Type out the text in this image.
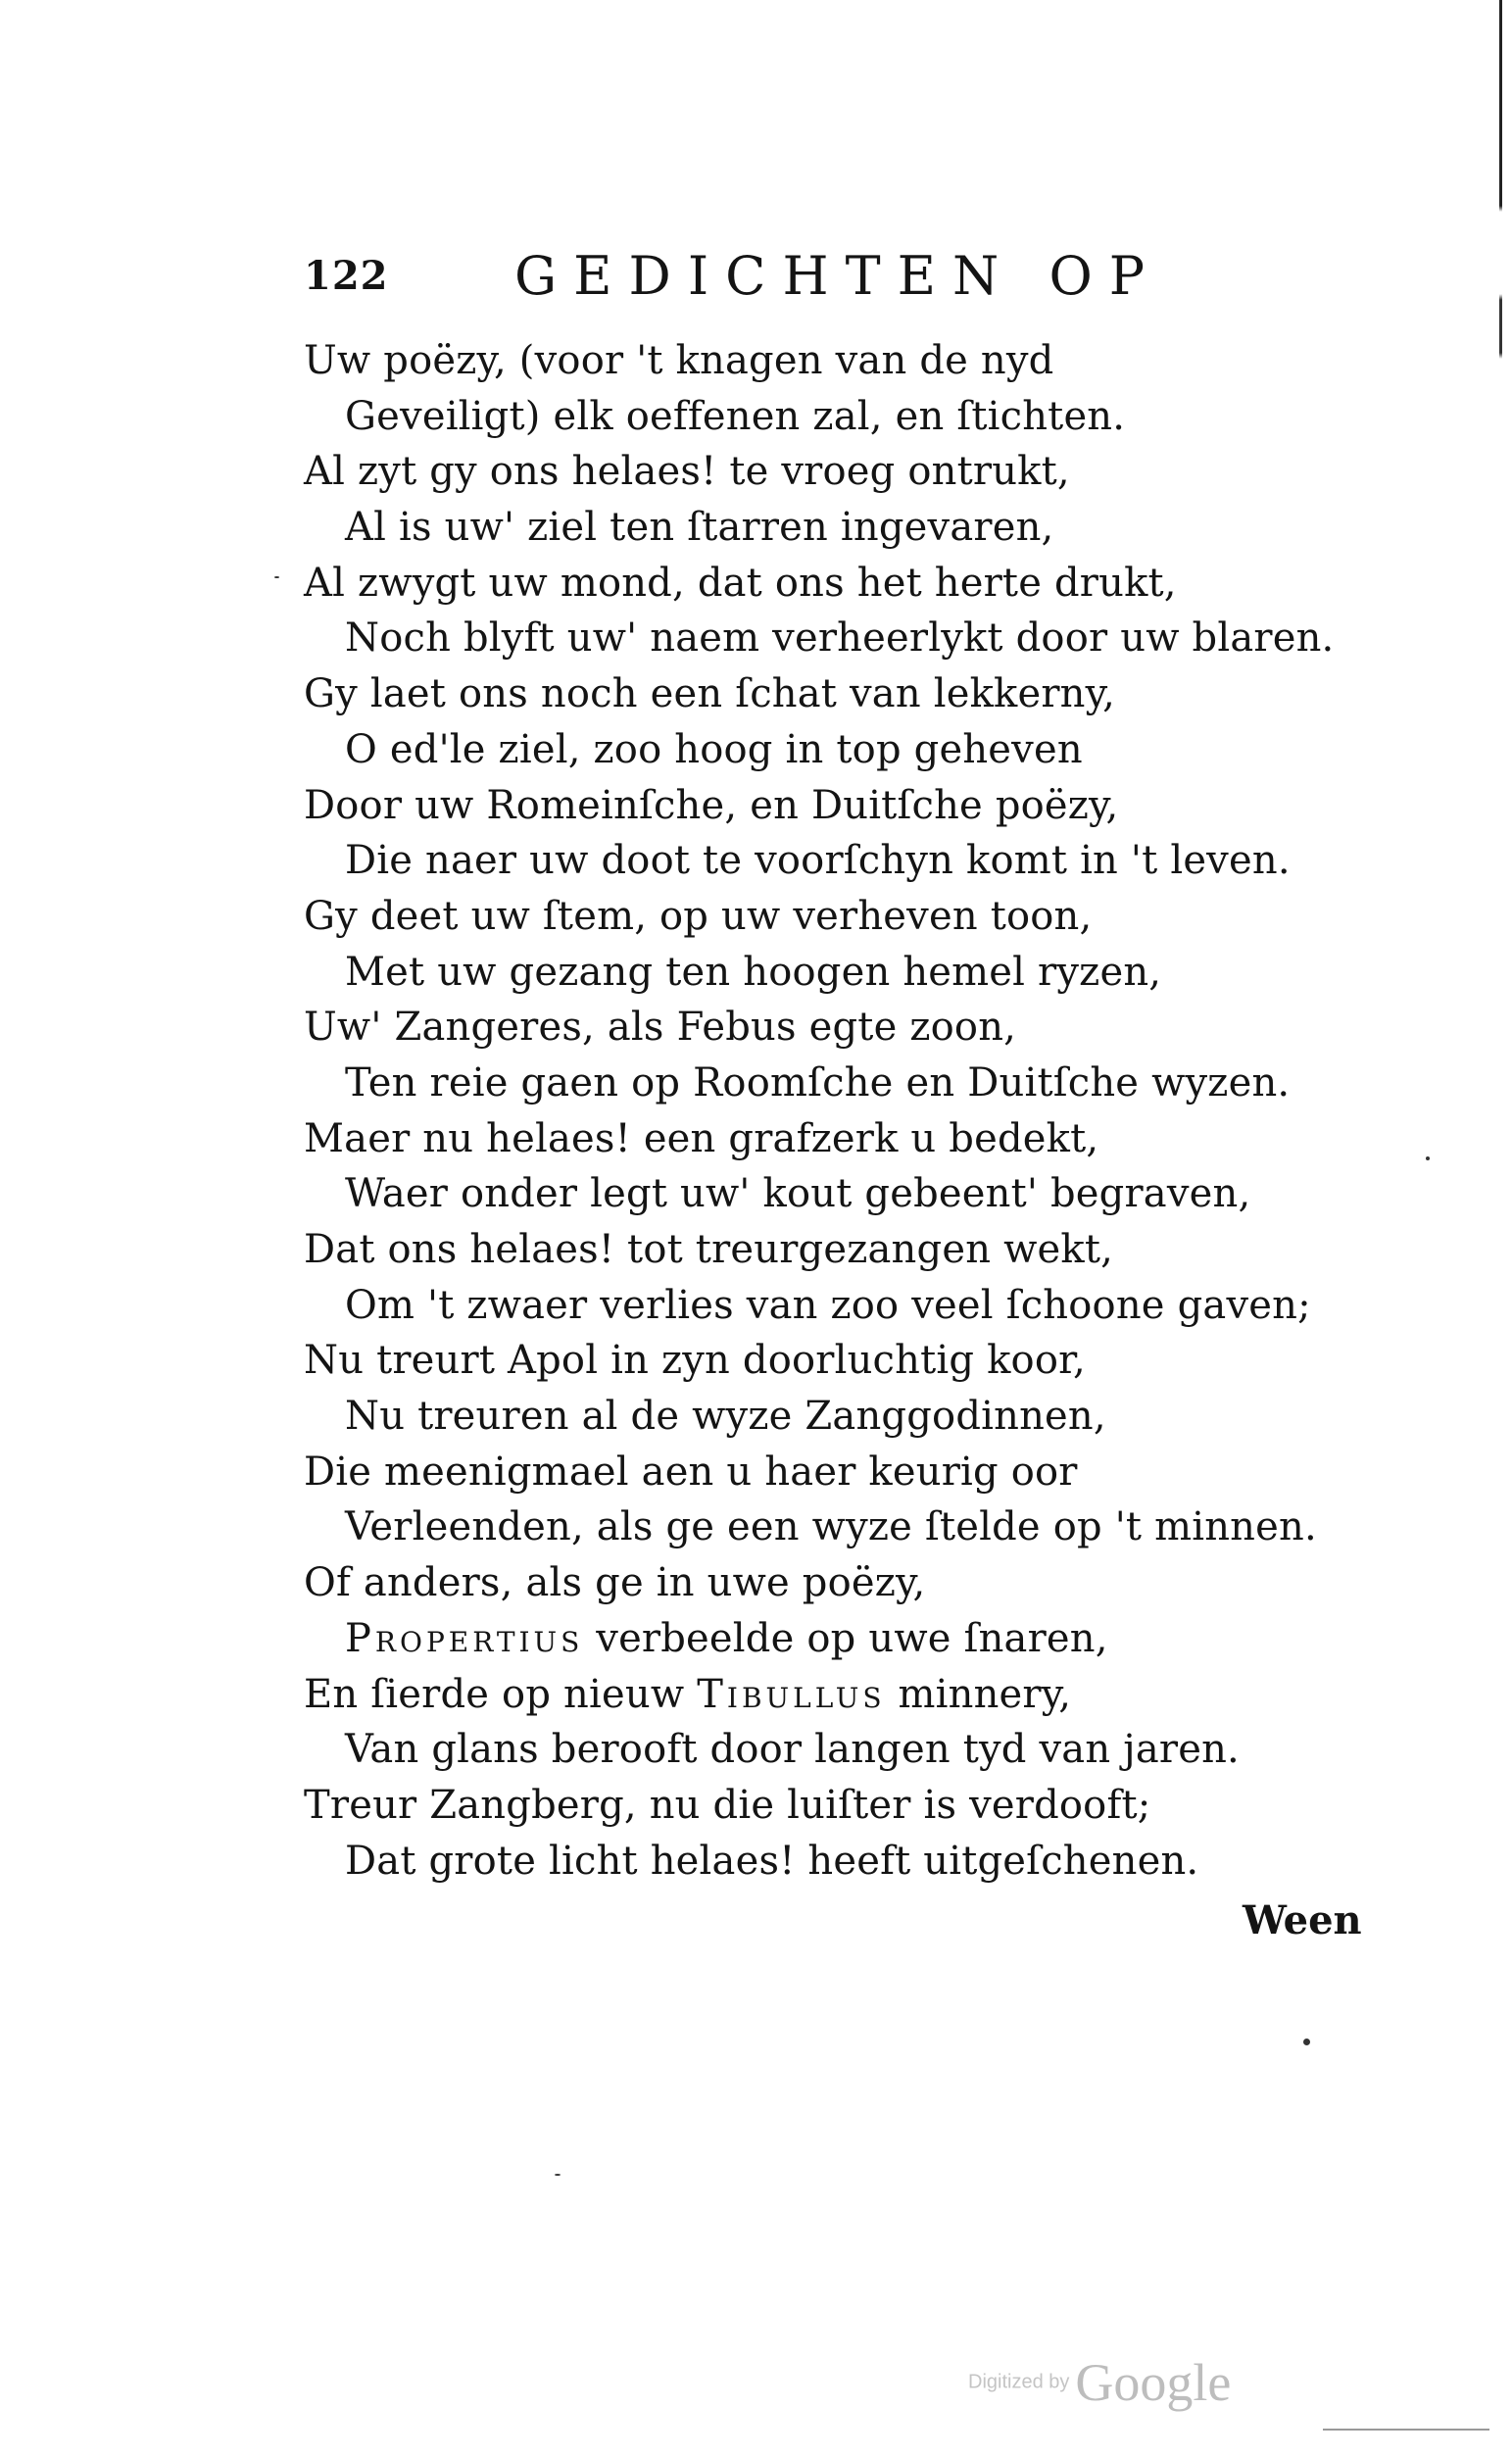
122 GEDICHTEN OP
Uw poëzy, (voor 't knagen van de nyd
Geveiligt) elk oeffenen zal, en ſtichten.
Al zyt gy ons helaes! te vroeg ontrukt,
Al is uw' ziel ten ſtarren ingevaren,
Al zwygt uw mond, dat ons het herte drukt,
Noch blyft uw' naem verheerlykt door uw blaren.
Gy laet ons noch een ſchat van lekkerny,
O ed'le ziel, zoo hoog in top geheven
Door uw Romeinſche, en Duitſche poëzy,
Die naer uw doot te voorſchyn komt in 't leven.
Gy deet uw ſtem, op uw verheven toon,
Met uw gezang ten hoogen hemel ryzen,
Uw' Zangeres, als Febus egte zoon,
Ten reie gaen op Roomſche en Duitſche wyzen.
Maer nu helaes! een grafzerk u bedekt,
Waer onder legt uw' kout gebeent' begraven,
Dat ons helaes! tot treurgezangen wekt,
Om 't zwaer verlies van zoo veel ſchoone gaven;
Nu treurt Apol in zyn doorluchtig koor,
Nu treuren al de wyze Zanggodinnen,
Die meenigmael aen u haer keurig oor
Verleenden, als ge een wyze ſtelde op 't minnen.
Of anders, als ge in uwe poëzy,
Propertius verbeelde op uwe ſnaren,
En ſierde op nieuw Tibullus minnery,
Van glans berooft door langen tyd van jaren.
Treur Zangberg, nu die luiſter is verdooft;
Dat grote licht helaes! heeft uitgeſchenen.
Ween
Digitized by Google
